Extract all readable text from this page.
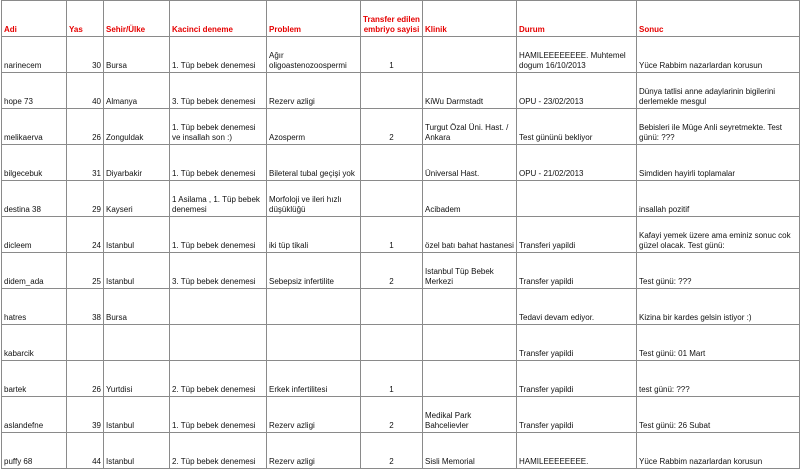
Adi	Yas	Sehir/Ülke	Kacinci deneme	Problem	Transfer edilen embriyo sayisi	Klinik	Durum	Sonuc
narinecem	30	Bursa	1. Tüp bebek denemesi	Ağır oligoastenozoospermi	1		HAMILEEEEEEEE. Muhtemel dogum 16/10/2013	Yüce Rabbim nazarlardan korusun
hope 73	40	Almanya	3. Tüp bebek denemesi	Rezerv azligi		KiWu Darmstadt	OPU - 23/02/2013	Dünya tatlisi anne adaylarinin bigilerini derlemekle mesgul
melikaerva	26	Zonguldak	1. Tüp bebek denemesi ve insallah son :)	Azosperm	2	Turgut Özal Üni. Hast. / Ankara	Test gününü bekliyor	Bebisleri ile Müge Anli seyretmekte. Test günü: ???
bilgecebuk	31	Diyarbakir	1. Tüp bebek denemesi	Bileteral tubal geçişi yok		Üniversal Hast.	OPU - 21/02/2013	Simdiden hayirli toplamalar
destina 38	29	Kayseri	1 Asilama , 1. Tüp bebek denemesi	Morfoloji ve ileri hızlı düşüklüğü		Acibadem		insallah pozitif
dicleem	24	Istanbul	1. Tüp bebek denemesi	iki tüp tikali	1	özel batı bahat hastanesi	Transferi yapildi	Kafayi yemek üzere ama eminiz sonuc cok güzel olacak. Test günü:
didem_ada	25	Istanbul	3. Tüp bebek denemesi	Sebepsiz infertilite	2	Istanbul Tüp Bebek Merkezi	Transfer yapildi	Test günü: ???
hatres	38	Bursa					Tedavi devam ediyor.	Kizina bir kardes gelsin istiyor :)
kabarcik							Transfer yapildi	Test günü: 01 Mart
bartek	26	Yurtdisi	2. Tüp bebek denemesi	Erkek infertilitesi	1		Transfer yapildi	test günü: ???
aslandefne	39	Istanbul	1. Tüp bebek denemesi	Rezerv azligi	2	Medikal Park Bahcelievler	Transfer yapildi	Test günü: 26 Subat
puffy 68	44	Istanbul	2. Tüp bebek denemesi	Rezerv azligi	2	Sisli Memorial	HAMILEEEEEEEE.	Yüce Rabbim nazarlardan korusun
